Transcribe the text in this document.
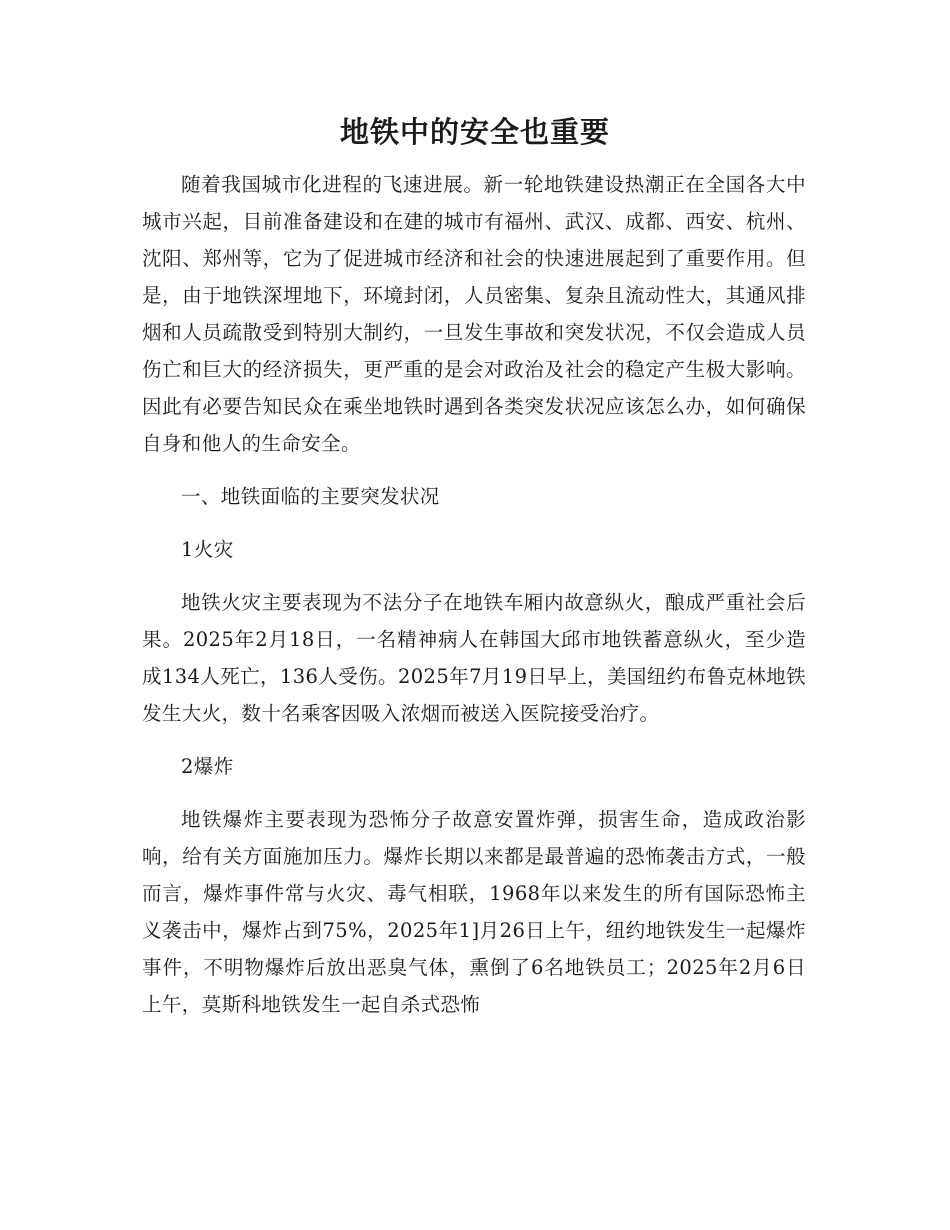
地铁中的安全也重要

随着我国城市化进程的飞速进展。新一轮地铁建设热潮正在全国各大中城市兴起，目前准备建设和在建的城市有福州、武汉、成都、西安、杭州、沈阳、郑州等，它为了促进城市经济和社会的快速进展起到了重要作用。但是，由于地铁深埋地下，环境封闭，人员密集、复杂且流动性大，其通风排烟和人员疏散受到特别大制约，一旦发生事故和突发状况，不仅会造成人员伤亡和巨大的经济损失，更严重的是会对政治及社会的稳定产生极大影响。因此有必要告知民众在乘坐地铁时遇到各类突发状况应该怎么办，如何确保自身和他人的生命安全。

一、地铁面临的主要突发状况

1火灾

地铁火灾主要表现为不法分子在地铁车厢内故意纵火，酿成严重社会后果。2025年2月18日，一名精神病人在韩国大邱市地铁蓄意纵火，至少造成134人死亡，136人受伤。2025年7月19日早上，美国纽约布鲁克林地铁发生大火，数十名乘客因吸入浓烟而被送入医院接受治疗。

2爆炸

地铁爆炸主要表现为恐怖分子故意安置炸弹，损害生命，造成政治影响，给有关方面施加压力。爆炸长期以来都是最普遍的恐怖袭击方式，一般而言，爆炸事件常与火灾、毒气相联，1968年以来发生的所有国际恐怖主义袭击中，爆炸占到75%，2025年1]月26日上午，纽约地铁发生一起爆炸事件，不明物爆炸后放出恶臭气体，熏倒了6名地铁员工；2025年2月6日上午，莫斯科地铁发生一起自杀式恐怖
